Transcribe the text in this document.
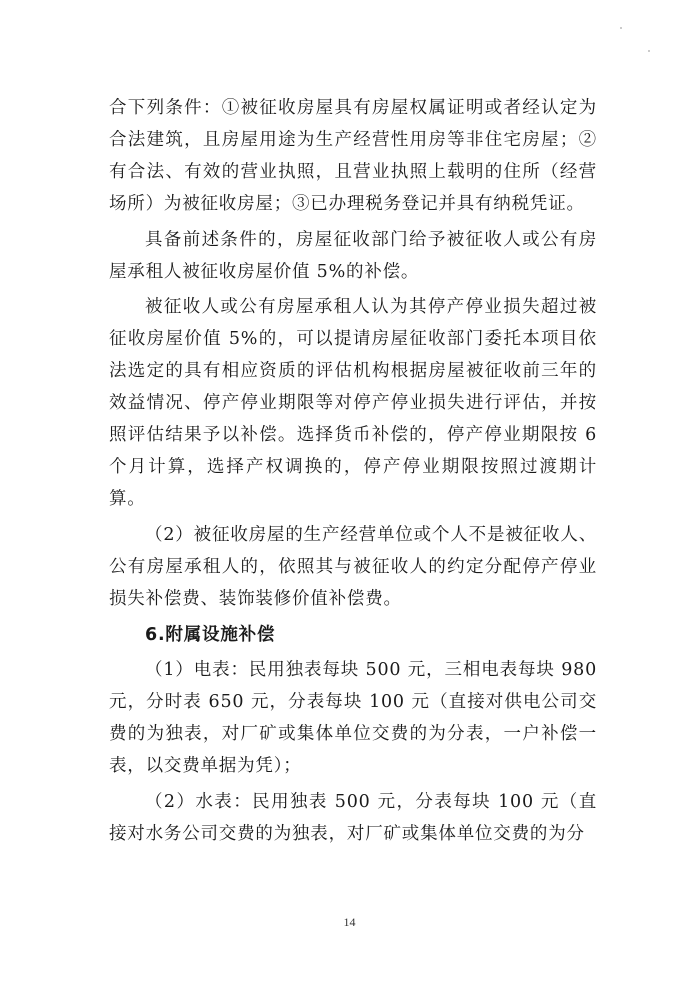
合下列条件：①被征收房屋具有房屋权属证明或者经认定为合法建筑，且房屋用途为生产经营性用房等非住宅房屋；②有合法、有效的营业执照，且营业执照上载明的住所（经营场所）为被征收房屋；③已办理税务登记并具有纳税凭证。

具备前述条件的，房屋征收部门给予被征收人或公有房屋承租人被征收房屋价值 5%的补偿。

被征收人或公有房屋承租人认为其停产停业损失超过被征收房屋价值 5%的，可以提请房屋征收部门委托本项目依法选定的具有相应资质的评估机构根据房屋被征收前三年的效益情况、停产停业期限等对停产停业损失进行评估，并按照评估结果予以补偿。选择货币补偿的，停产停业期限按 6 个月计算，选择产权调换的，停产停业期限按照过渡期计算。

（2）被征收房屋的生产经营单位或个人不是被征收人、公有房屋承租人的，依照其与被征收人的约定分配停产停业损失补偿费、装饰装修价值补偿费。

6.附属设施补偿

（1）电表：民用独表每块 500 元，三相电表每块 980 元，分时表 650 元，分表每块 100 元（直接对供电公司交费的为独表，对厂矿或集体单位交费的为分表，一户补偿一表，以交费单据为凭）；

（2）水表：民用独表 500 元，分表每块 100 元（直接对水务公司交费的为独表，对厂矿或集体单位交费的为分

14
